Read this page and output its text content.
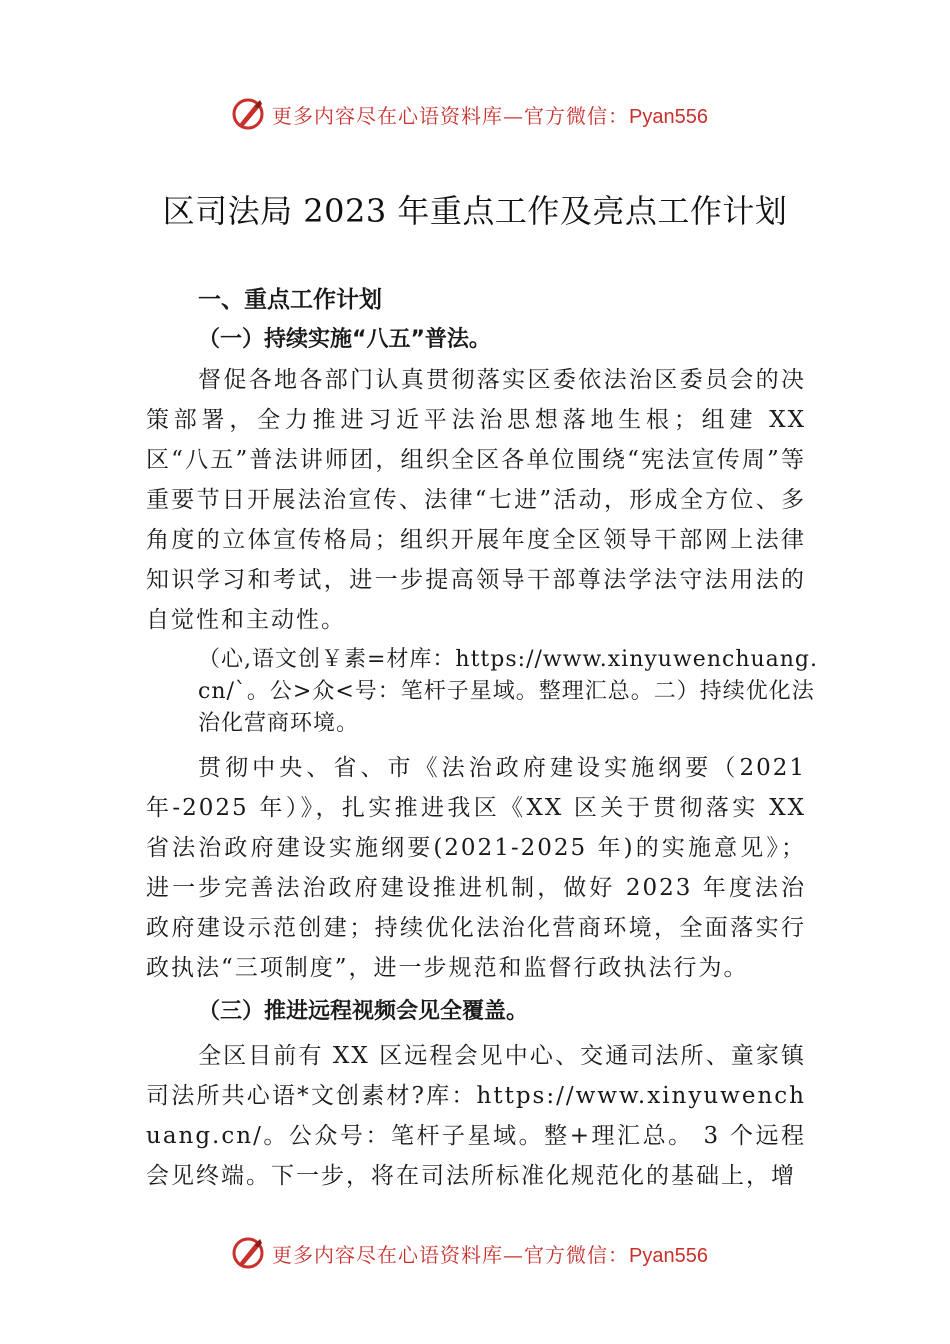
更多内容尽在心语资料库—官方微信：Pyan556
区司法局 2023 年重点工作及亮点工作计划
一、重点工作计划
（一）持续实施“八五”普法。

督促各地各部门认真贯彻落实区委依法治区委员会的决策部署，全力推进习近平法治思想落地生根；组建 XX 区“八五”普法讲师团，组织全区各单位围绕“宪法宣传周”等重要节日开展法治宣传、法律“七进”活动，形成全方位、多角度的立体宣传格局；组织开展年度全区领导干部网上法律知识学习和考试，进一步提高领导干部尊法学法守法用法的自觉性和主动性。

（心,语文创￥素=材库：https://www.xinyuwenchuang.cn/`。公>众<号：笔杆子星域。整理汇总。二）持续优化法治化营商环境。

贯彻中央、省、市《法治政府建设实施纲要（2021 年-2025 年）》，扎实推进我区《XX 区关于贯彻落实 XX 省法治政府建设实施纲要(2021-2025 年)的实施意见》；进一步完善法治政府建设推进机制，做好 2023 年度法治政府建设示范创建；持续优化法治化营商环境，全面落实行政执法“三项制度”，进一步规范和监督行政执法行为。

（三）推进远程视频会见全覆盖。

全区目前有 XX 区远程会见中心、交通司法所、童家镇司法所共心语*文创素材?库：https://www.xinyuwenchuang.cn/。公众号：笔杆子星域。整+理汇总。 3 个远程会见终端。下一步，将在司法所标准化规范化的基础上，增

更多内容尽在心语资料库—官方微信：Pyan556
